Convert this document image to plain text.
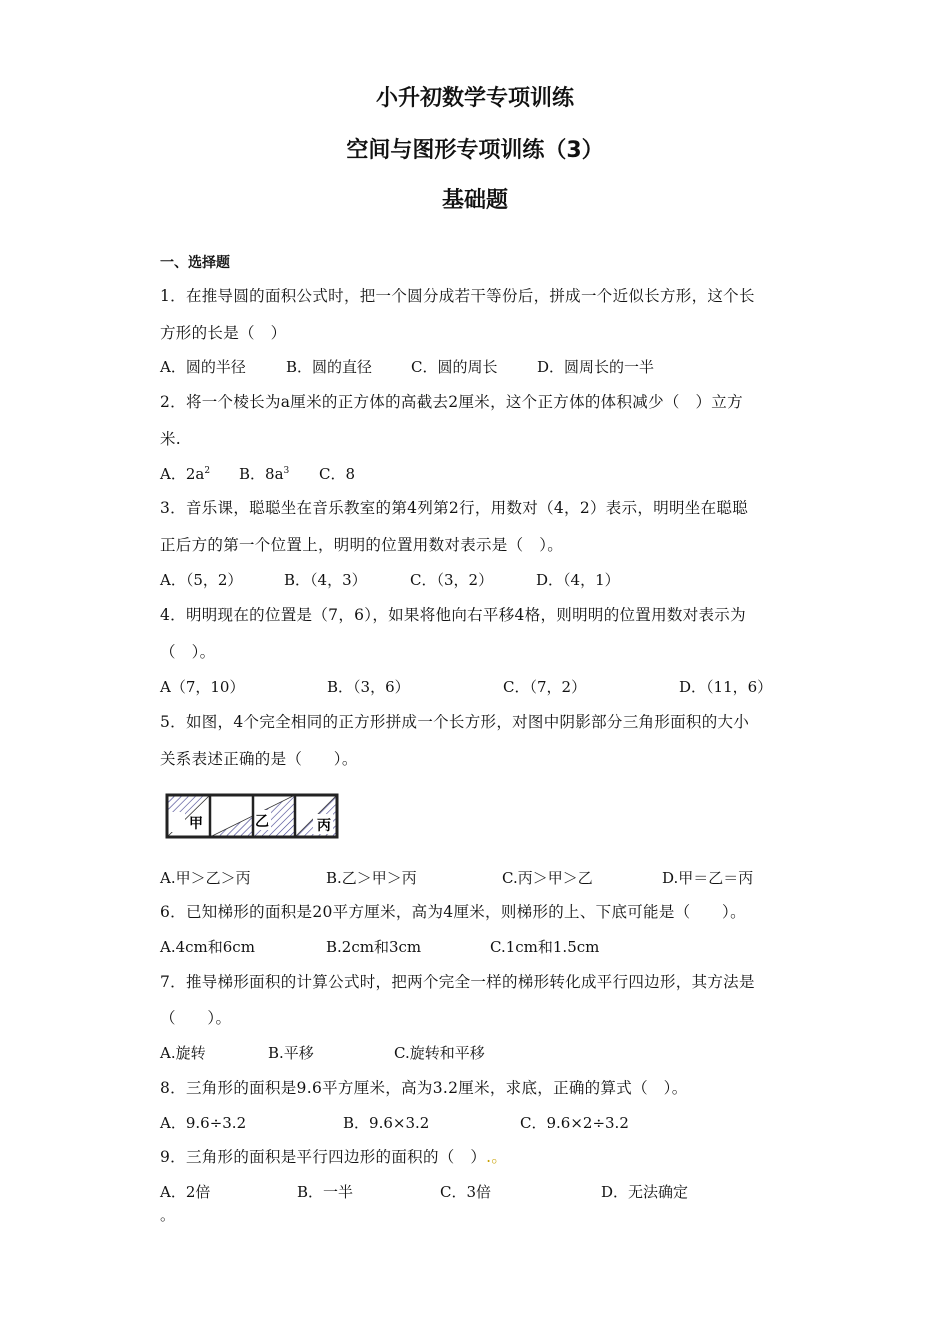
小升初数学专项训练
空间与图形专项训练（3）
基础题
一、选择题
1．在推导圆的面积公式时，把一个圆分成若干等份后，拼成一个近似长方形，这个长
方形的长是（　）
A．圆的半径	B．圆的直径	C．圆的周长	D．圆周长的一半
2．将一个棱长为a厘米的正方体的高截去2厘米，这个正方体的体积减少（　）立方
米.
A．$2a^2$ B．$8a^3$ C．8
3．音乐课，聪聪坐在音乐教室的第4列第2行，用数对（4，2）表示，明明坐在聪聪
正后方的第一个位置上，明明的位置用数对表示是（　）。
A．（5，2）	B．（4，3）	C．（3，2）	D．（4，1）
4．明明现在的位置是（7，6），如果将他向右平移4格，则明明的位置用数对表示为
（　）。
A（7，10）	B．（3，6）	C．（7，2）	D．（11，6）
5．如图，4个完全相同的正方形拼成一个长方形，对图中阴影部分三角形面积的大小
关系表述正确的是（　　）。
甲	乙	丙
A.甲＞乙＞丙	B.乙＞甲＞丙	C.丙＞甲＞乙	D.甲＝乙＝丙
6．已知梯形的面积是20平方厘米，高为4厘米，则梯形的上、下底可能是（　　）。
A.4cm和6cm	B.2cm和3cm	C.1cm和1.5cm
7．推导梯形面积的计算公式时，把两个完全一样的梯形转化成平行四边形，其方法是
（　　）。
A.旋转	B.平移	C.旋转和平移
8．三角形的面积是9.6平方厘米，高为3.2厘米，求底，正确的算式（　）。
A．9.6÷3.2	B．9.6×3.2	C．9.6×2÷3.2
9．三角形的面积是平行四边形的面积的（　）.。
A．2倍	B．一半	C．3倍	D．无法确定
。
